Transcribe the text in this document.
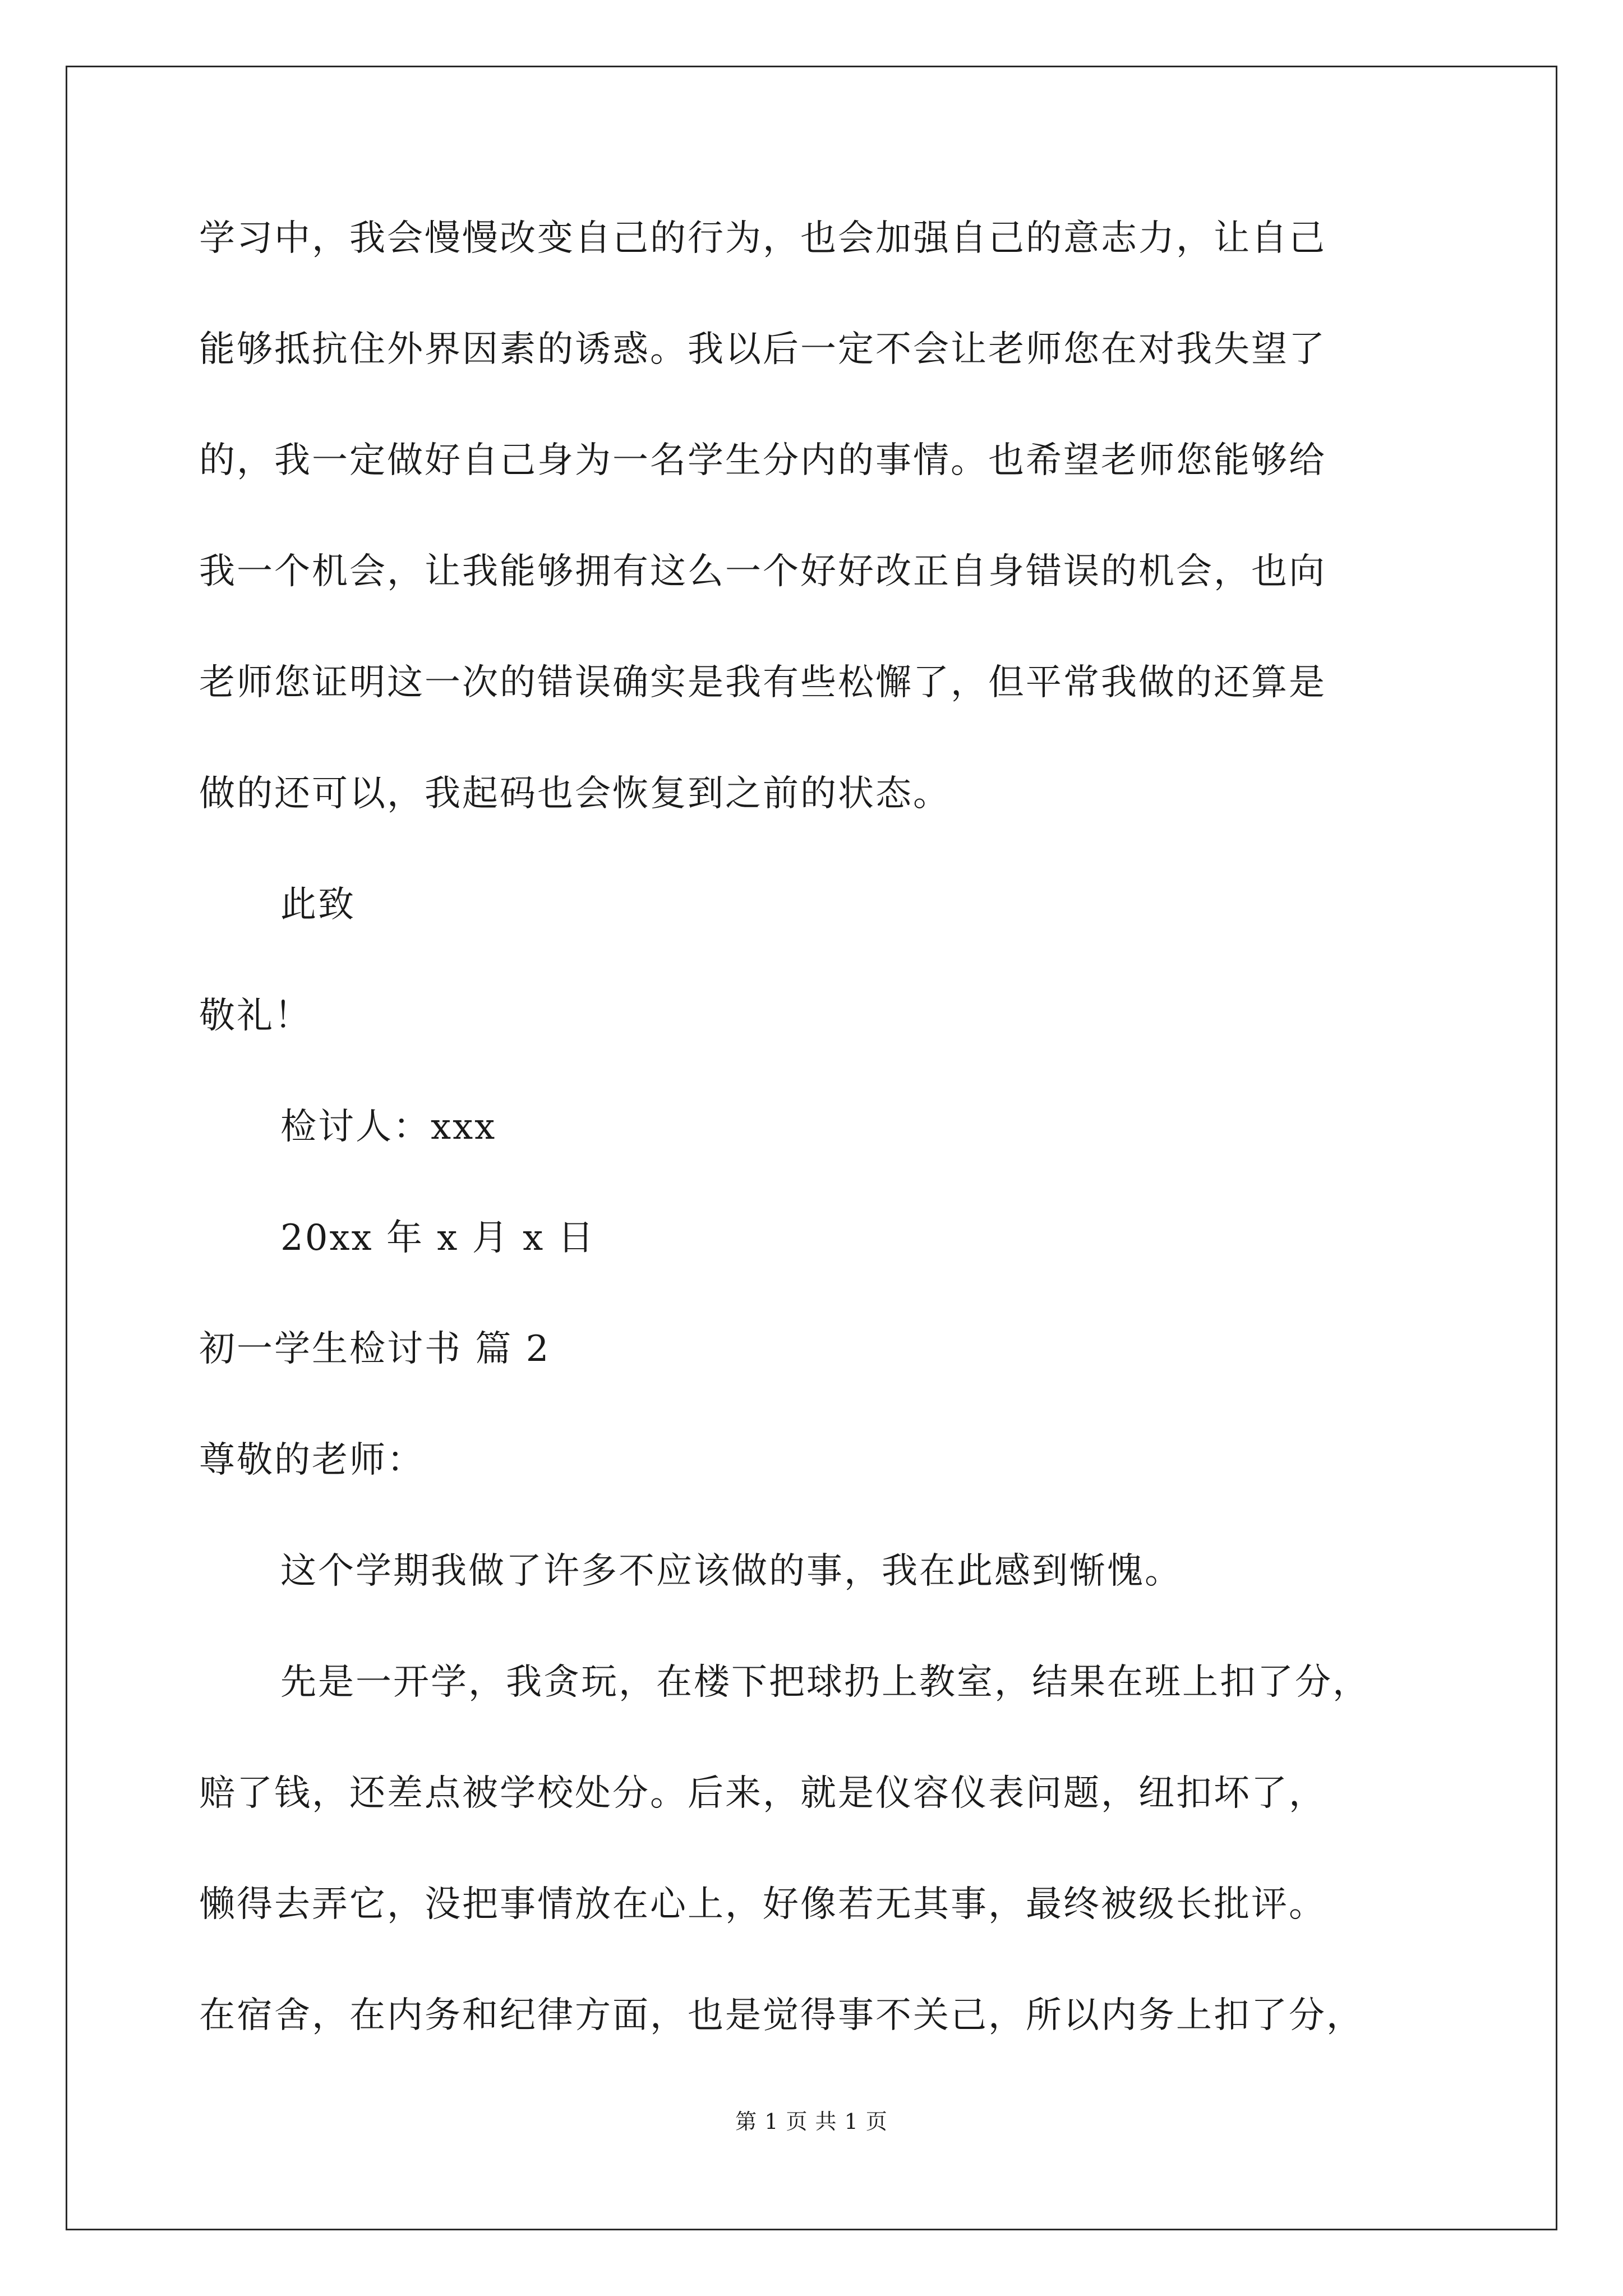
学习中，我会慢慢改变自己的行为，也会加强自己的意志力，让自己
能够抵抗住外界因素的诱惑。我以后一定不会让老师您在对我失望了
的，我一定做好自己身为一名学生分内的事情。也希望老师您能够给
我一个机会，让我能够拥有这么一个好好改正自身错误的机会，也向
老师您证明这一次的错误确实是我有些松懈了，但平常我做的还算是
做的还可以，我起码也会恢复到之前的状态。
此致
敬礼！
检讨人：xxx
20xx 年 x 月 x 日
初一学生检讨书 篇 2
尊敬的老师：
这个学期我做了许多不应该做的事，我在此感到惭愧。
先是一开学，我贪玩，在楼下把球扔上教室，结果在班上扣了分，
赔了钱，还差点被学校处分。后来，就是仪容仪表问题，纽扣坏了，
懒得去弄它，没把事情放在心上，好像若无其事，最终被级长批评。
在宿舍，在内务和纪律方面，也是觉得事不关己，所以内务上扣了分，
第 1 页 共 1 页
